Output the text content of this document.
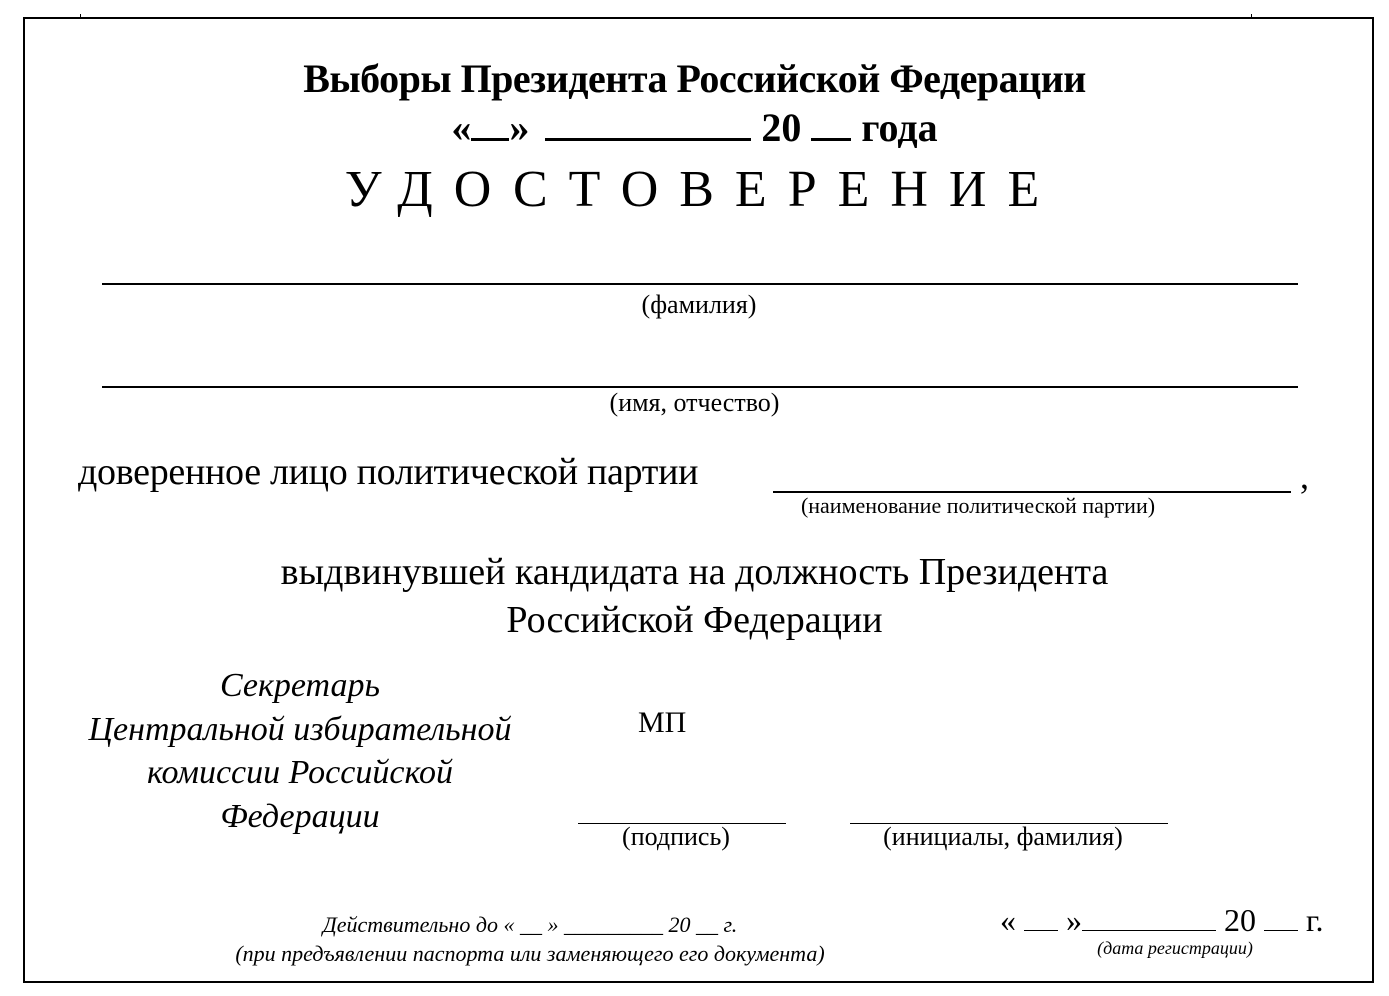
Выборы Президента Российской Федерации
« »	20 года
УДОСТОВЕРЕНИЕ
(фамилия)
(имя, отчество)
доверенное лицо политической партии	,
(наименование политической партии)
выдвинувшей кандидата на должность Президента
Российской Федерации
Секретарь
Центральной избирательной
комиссии Российской
Федерации
МП
(подпись)	(инициалы, фамилия)
Действительно до « __ » _________ 20 __ г.
(при предъявлении паспорта или заменяющего его документа)
« »	20 г.
(дата регистрации)
